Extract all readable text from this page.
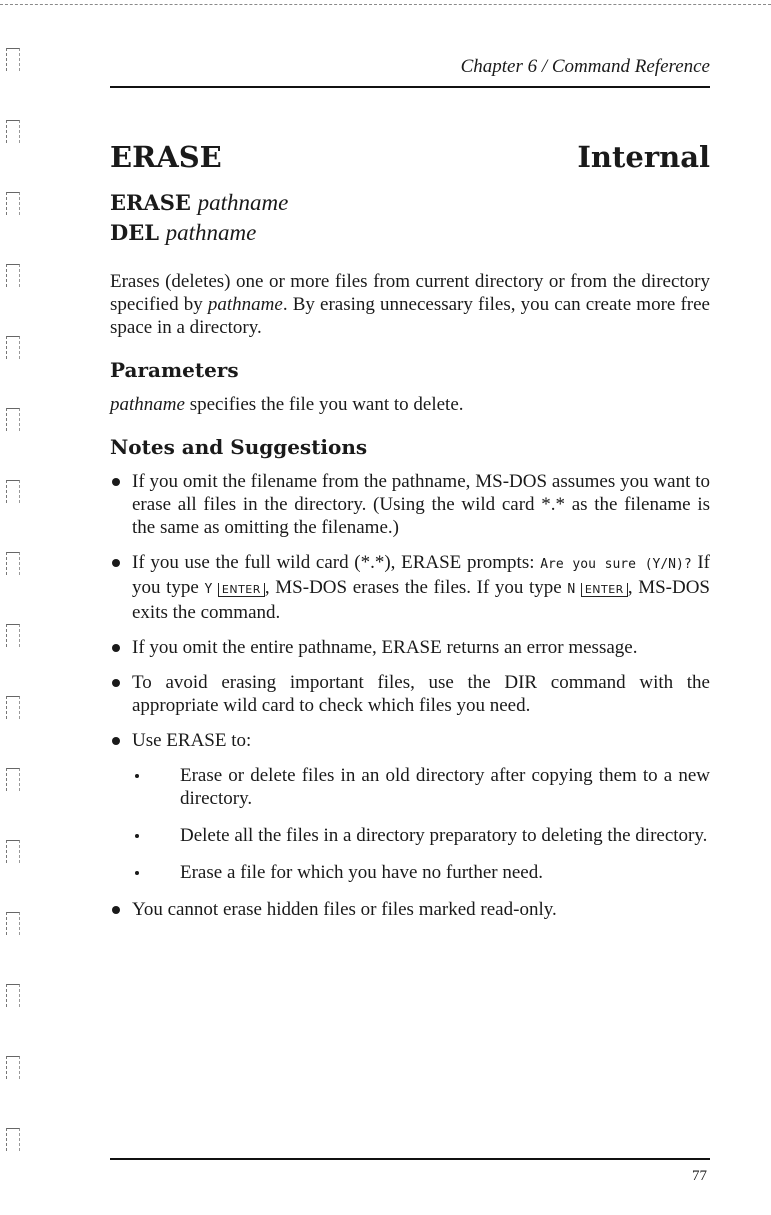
Chapter 6 / Command Reference
ERASE	Internal
ERASE pathname
DEL pathname

Erases (deletes) one or more files from current directory or from the directory specified by pathname. By erasing unnecessary files, you can create more free space in a directory.

Parameters

pathname specifies the file you want to delete.

Notes and Suggestions
If you omit the filename from the pathname, MS-DOS assumes you want to erase all files in the directory. (Using the wild card *.* as the filename is the same as omitting the filename.)
If you use the full wild card (*.*), ERASE prompts: Are you sure (Y/N)? If you type Y ENTER , MS-DOS erases the files. If you type N ENTER , MS-DOS exits the command.
If you omit the entire pathname, ERASE returns an error message.
To avoid erasing important files, use the DIR command with the appropriate wild card to check which files you need.
Use ERASE to:
Erase or delete files in an old directory after copying them to a new directory.
Delete all the files in a directory preparatory to deleting the directory.
Erase a file for which you have no further need.
You cannot erase hidden files or files marked read-only.
77
